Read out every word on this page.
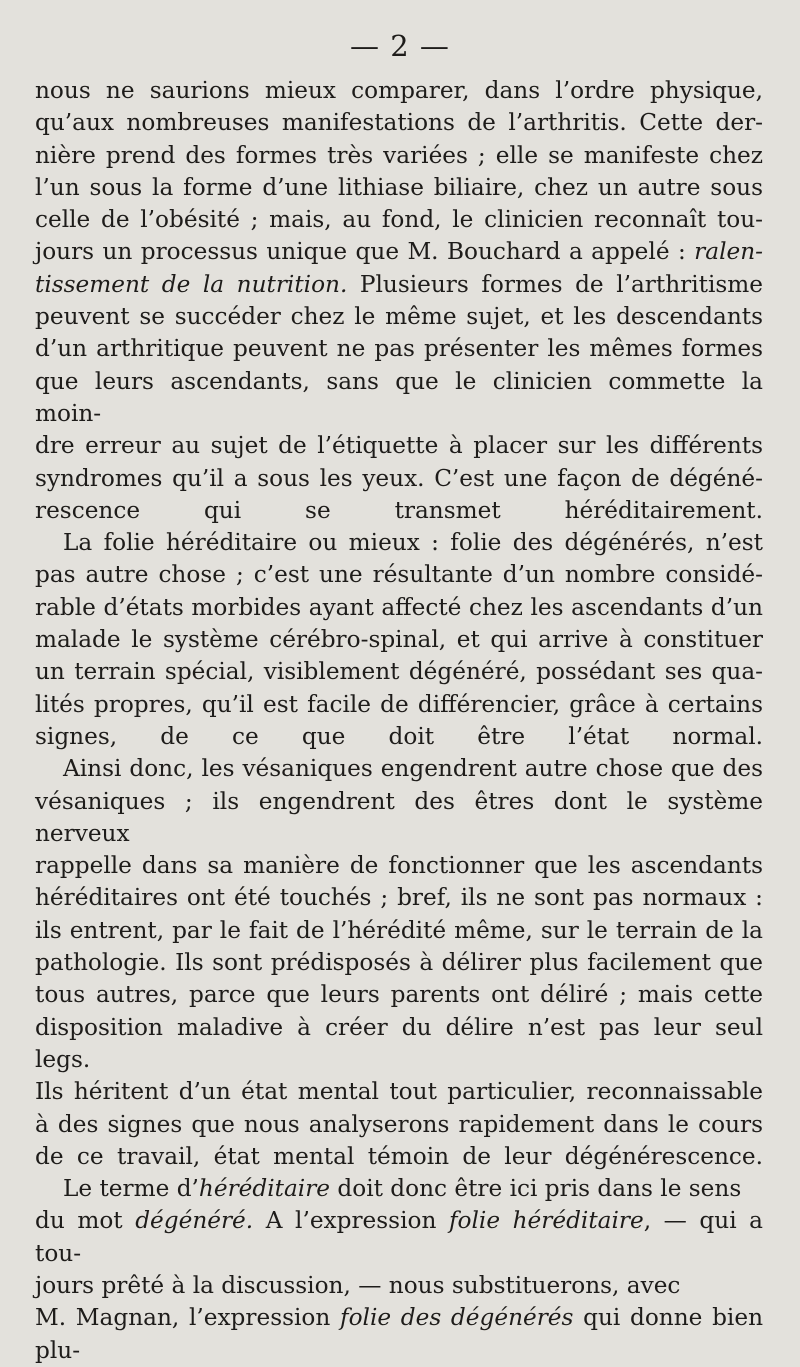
— 2 —

nous ne saurions mieux comparer, dans l’ordre physique,
qu’aux nombreuses manifestations de l’arthritis. Cette der-
nière prend des formes très variées ; elle se manifeste chez
l’un sous la forme d’une lithiase biliaire, chez un autre sous
celle de l’obésité ; mais, au fond, le clinicien reconnaît tou-
jours un processus unique que M. Bouchard a appelé : ralen-
tissement de la nutrition. Plusieurs formes de l’arthritisme
peuvent se succéder chez le même sujet, et les descendants
d’un arthritique peuvent ne pas présenter les mêmes formes
que leurs ascendants, sans que le clinicien commette la moin-
dre erreur au sujet de l’étiquette à placer sur les différents
syndromes qu’il a sous les yeux. C’est une façon de dégéné-
rescence qui se transmet héréditairement.

La folie héréditaire ou mieux : folie des dégénérés, n’est
pas autre chose ; c’est une résultante d’un nombre considé-
rable d’états morbides ayant affecté chez les ascendants d’un
malade le système cérébro-spinal, et qui arrive à constituer
un terrain spécial, visiblement dégénéré, possédant ses qua-
lités propres, qu’il est facile de différencier, grâce à certains
signes, de ce que doit être l’état normal.

Ainsi donc, les vésaniques engendrent autre chose que des
vésaniques ; ils engendrent des êtres dont le système nerveux
rappelle dans sa manière de fonctionner que les ascendants
héréditaires ont été touchés ; bref, ils ne sont pas normaux :
ils entrent, par le fait de l’hérédité même, sur le terrain de la
pathologie. Ils sont prédisposés à délirer plus facilement que
tous autres, parce que leurs parents ont déliré ; mais cette
disposition maladive à créer du délire n’est pas leur seul legs.
Ils héritent d’un état mental tout particulier, reconnaissable
à des signes que nous analyserons rapidement dans le cours
de ce travail, état mental témoin de leur dégénérescence.

Le terme d’héréditaire doit donc être ici pris dans le sens
du mot dégénéré. A l’expression folie héréditaire, — qui a tou-
jours prêté à la discussion, — nous substituerons, avec
M. Magnan, l’expression folie des dégénérés qui donne bien plu-
